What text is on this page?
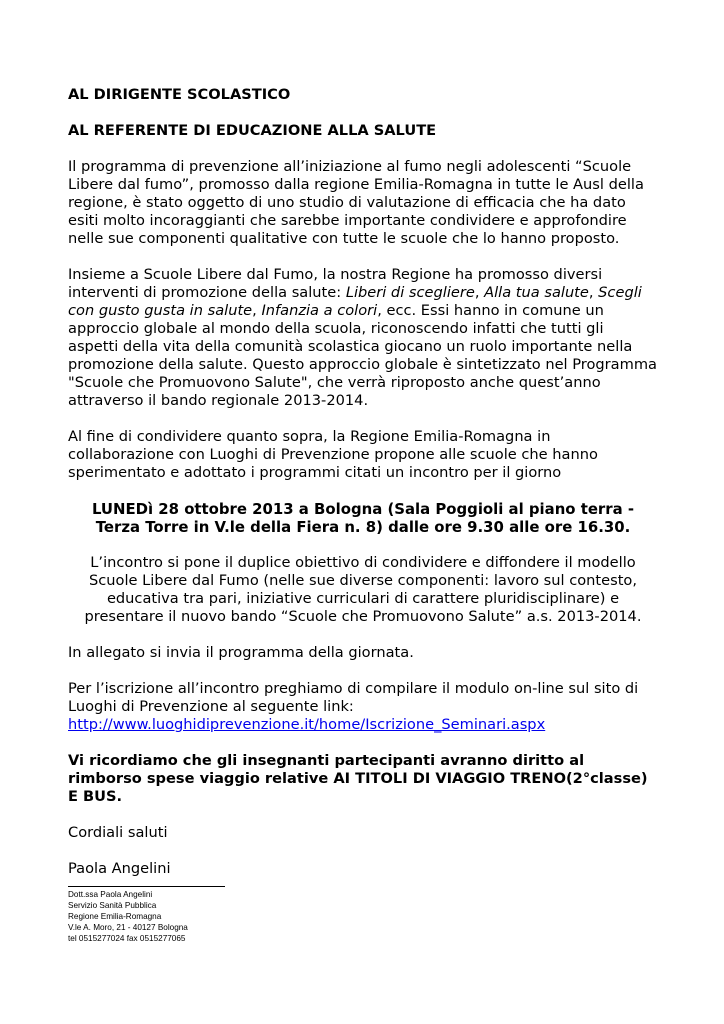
AL DIRIGENTE SCOLASTICO

AL REFERENTE DI EDUCAZIONE ALLA SALUTE

Il programma di prevenzione all’iniziazione al fumo negli adolescenti “Scuole Libere dal fumo”, promosso dalla regione Emilia-Romagna in tutte le Ausl della regione, è stato oggetto di uno studio di valutazione di efficacia che ha dato esiti molto incoraggianti che sarebbe importante condividere e approfondire nelle sue componenti qualitative con tutte le scuole che lo hanno proposto.

Insieme a Scuole Libere dal Fumo, la nostra Regione ha promosso diversi interventi di promozione della salute: Liberi di scegliere, Alla tua salute, Scegli con gusto gusta in salute, Infanzia a colori, ecc. Essi hanno in comune un approccio globale al mondo della scuola, riconoscendo infatti che tutti gli aspetti della vita della comunità scolastica giocano un ruolo importante nella promozione della salute. Questo approccio globale è sintetizzato nel Programma "Scuole che Promuovono Salute", che verrà riproposto anche quest’anno attraverso il bando regionale 2013-2014.

Al fine di condividere quanto sopra, la Regione Emilia-Romagna in collaborazione con Luoghi di Prevenzione propone alle scuole che hanno sperimentato e adottato i programmi citati un incontro per il giorno

LUNEDì 28 ottobre 2013 a Bologna (Sala Poggioli al piano terra - Terza Torre in V.le della Fiera n. 8) dalle ore 9.30 alle ore 16.30.

L’incontro si pone il duplice obiettivo di condividere e diffondere il modello Scuole Libere dal Fumo (nelle sue diverse componenti: lavoro sul contesto, educativa tra pari, iniziative curriculari di carattere pluridisciplinare) e presentare il nuovo bando “Scuole che Promuovono Salute” a.s. 2013-2014.

In allegato si invia il programma della giornata.

Per l’iscrizione all’incontro preghiamo di compilare il modulo on-line sul sito di Luoghi di Prevenzione al seguente link:
http://www.luoghidiprevenzione.it/home/Iscrizione_Seminari.aspx

Vi ricordiamo che gli insegnanti partecipanti avranno diritto al rimborso spese viaggio relative AI TITOLI DI VIAGGIO TRENO(2°classe) E BUS.

Cordiali saluti

Paola Angelini

Dott.ssa Paola Angelini
Servizio Sanità Pubblica
Regione Emilia-Romagna
V.le A. Moro, 21 - 40127 Bologna
tel 0515277024 fax 0515277065
